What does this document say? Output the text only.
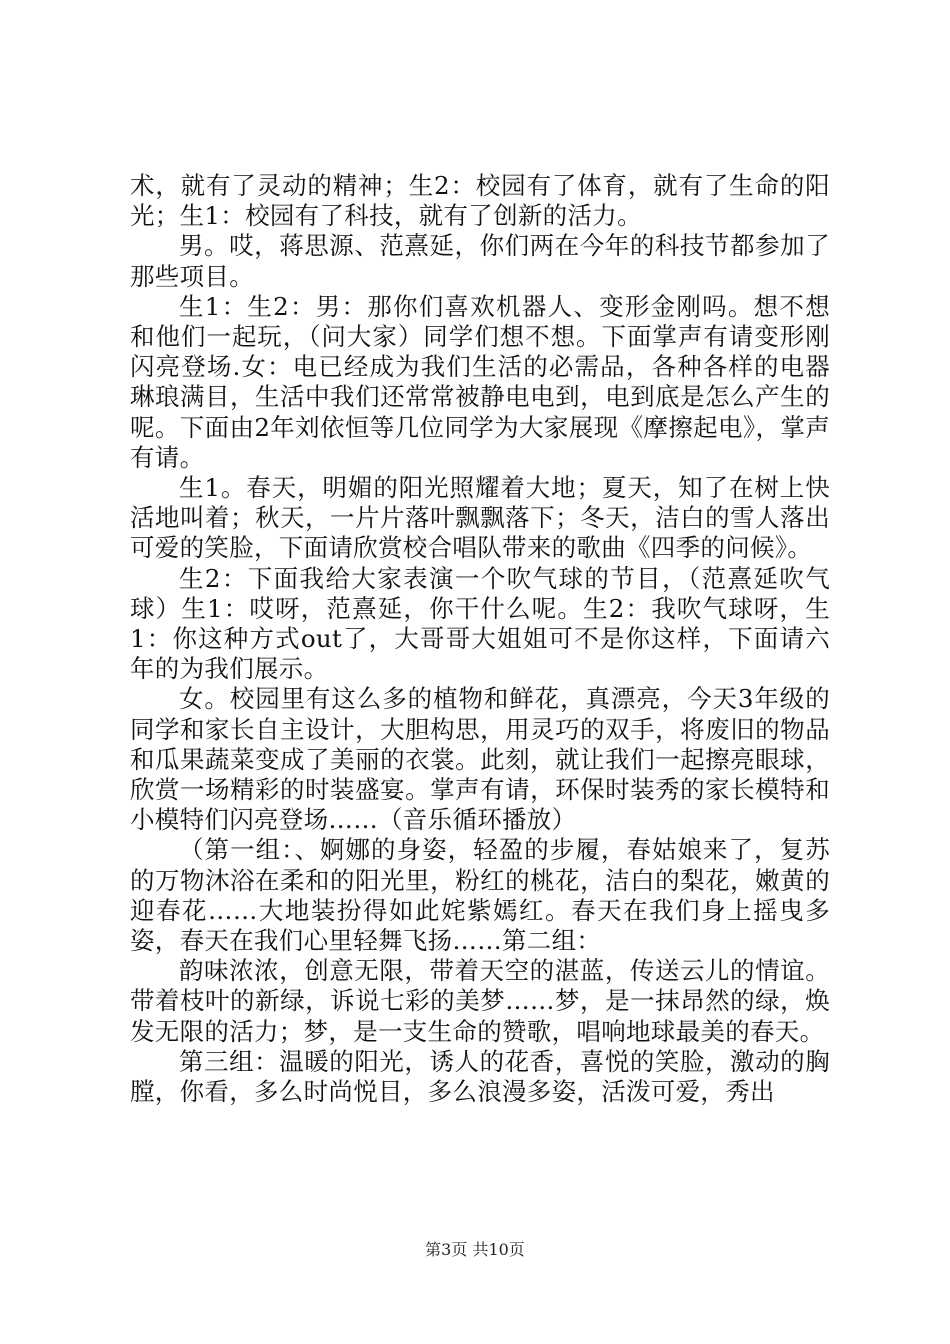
术，就有了灵动的精神；生2：校园有了体育，就有了生命的阳光；生1：校园有了科技，就有了创新的活力。

男。哎，蒋思源、范熹延，你们两在今年的科技节都参加了那些项目。

生1：生2：男：那你们喜欢机器人、变形金刚吗。想不想和他们一起玩，（问大家）同学们想不想。下面掌声有请变形刚闪亮登场.女：电已经成为我们生活的必需品，各种各样的电器琳琅满目，生活中我们还常常被静电电到，电到底是怎么产生的呢。下面由2年刘依恒等几位同学为大家展现《摩擦起电》，掌声有请。

生1。春天，明媚的阳光照耀着大地；夏天，知了在树上快活地叫着；秋天，一片片落叶飘飘落下；冬天，洁白的雪人落出可爱的笑脸，下面请欣赏校合唱队带来的歌曲《四季的问候》。

生2：下面我给大家表演一个吹气球的节目，（范熹延吹气球）生1：哎呀，范熹延，你干什么呢。生2：我吹气球呀，生1：你这种方式out了，大哥哥大姐姐可不是你这样，下面请六年的为我们展示。

女。校园里有这么多的植物和鲜花，真漂亮，今天3年级的同学和家长自主设计，大胆构思，用灵巧的双手，将废旧的物品和瓜果蔬菜变成了美丽的衣裳。此刻，就让我们一起擦亮眼球，欣赏一场精彩的时装盛宴。掌声有请，环保时装秀的家长模特和小模特们闪亮登场……（音乐循环播放）

（第一组：、婀娜的身姿，轻盈的步履，春姑娘来了，复苏的万物沐浴在柔和的阳光里，粉红的桃花，洁白的梨花，嫩黄的迎春花……大地装扮得如此姹紫嫣红。春天在我们身上摇曳多姿，春天在我们心里轻舞飞扬……第二组：

韵味浓浓，创意无限，带着天空的湛蓝，传送云儿的情谊。带着枝叶的新绿，诉说七彩的美梦……梦，是一抹昂然的绿，焕发无限的活力；梦，是一支生命的赞歌，唱响地球最美的春天。

第三组：温暖的阳光，诱人的花香，喜悦的笑脸，激动的胸膛，你看，多么时尚悦目，多么浪漫多姿，活泼可爱，秀出

第3页 共10页
